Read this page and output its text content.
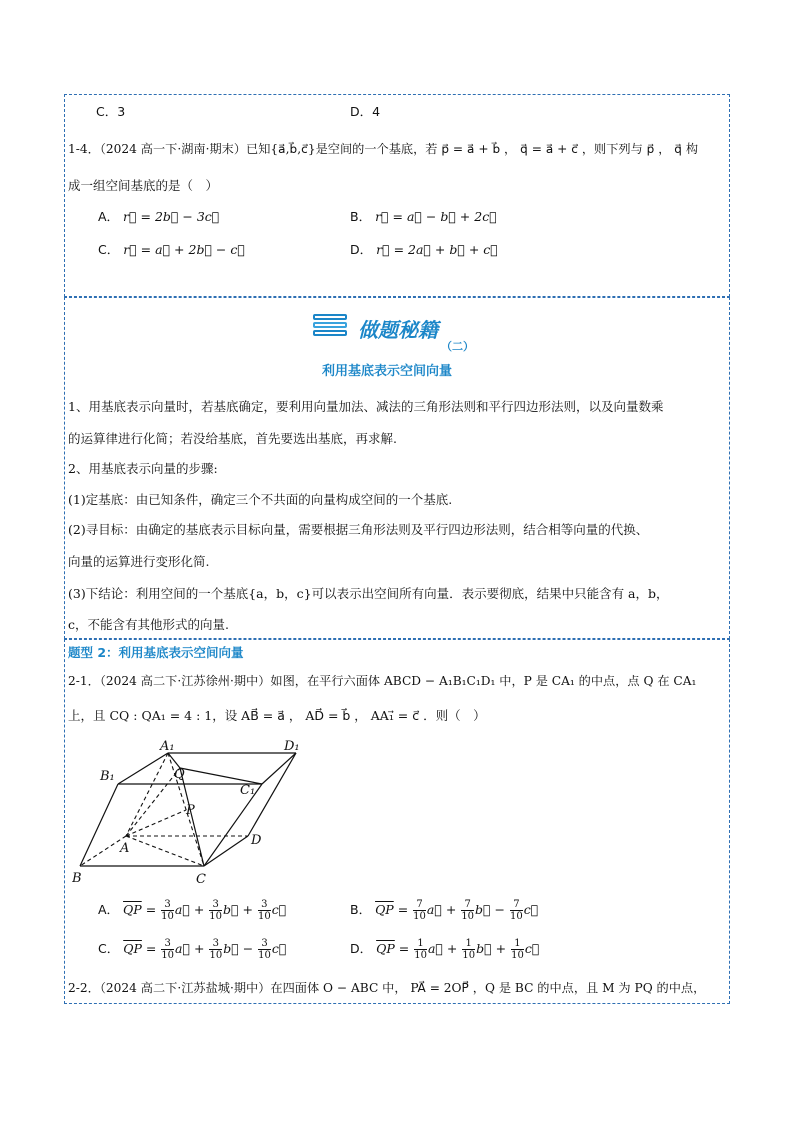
C．3	D．4
1-4．（2024 高一下·湖南·期末）已知{a⃗,b⃗,c⃗}是空间的一个基底，若 p⃗ = a⃗ + b⃗ ， q⃗ = a⃗ + c⃗ ，则下列与 p⃗ ， q⃗ 构
成一组空间基底的是（　）
A． r⃗ = 2b⃗ − 3c⃗	B． r⃗ = a⃗ − b⃗ + 2c⃗
C． r⃗ = a⃗ + 2b⃗ − c⃗	D． r⃗ = 2a⃗ + b⃗ + c⃗
做题秘籍
（二）
利用基底表示空间向量
1、用基底表示向量时，若基底确定，要利用向量加法、减法的三角形法则和平行四边形法则，以及向量数乘
的运算律进行化简；若没给基底，首先要选出基底，再求解.
2、用基底表示向量的步骤:
(1)定基底：由已知条件，确定三个不共面的向量构成空间的一个基底.
(2)寻目标：由确定的基底表示目标向量，需要根据三角形法则及平行四边形法则，结合相等向量的代换、
向量的运算进行变形化简.
(3)下结论：利用空间的一个基底{a，b，c}可以表示出空间所有向量．表示要彻底，结果中只能含有 a，b，
c，不能含有其他形式的向量.
题型 2：利用基底表示空间向量
2-1．（2024 高二下·江苏徐州·期中）如图，在平行六面体 ABCD − A₁B₁C₁D₁ 中，P 是 CA₁ 的中点，点 Q 在 CA₁
上，且 CQ : QA₁ = 4 : 1，设 AB⃗ = a⃗ ， AD⃗ = b⃗ ， AA₁⃗ = c⃗ ．则（　）
A₁	D₁
B₁	Q
C₁
P
A
D
B	C
A． $\overline{QP} = \frac{3}{10}$ a⃗ + $\frac{3}{10}$ b⃗ + $\frac{3}{10}$ c⃗	B． $\overline{QP} = \frac{7}{10}$ a⃗ + $\frac{7}{10}$ b⃗ − $\frac{7}{10}$ c⃗
C． $\overline{QP} = \frac{3}{10}$ a⃗ + $\frac{3}{10}$ b⃗ − $\frac{3}{10}$ c⃗	D． $\overline{QP} = \frac{1}{10}$ a⃗ + $\frac{1}{10}$ b⃗ + $\frac{1}{10}$ c⃗
2-2．（2024 高二下·江苏盐城·期中）在四面体 O − ABC 中， PA⃗ = 2OP⃗ ，Q 是 BC 的中点，且 M 为 PQ 的中点，
